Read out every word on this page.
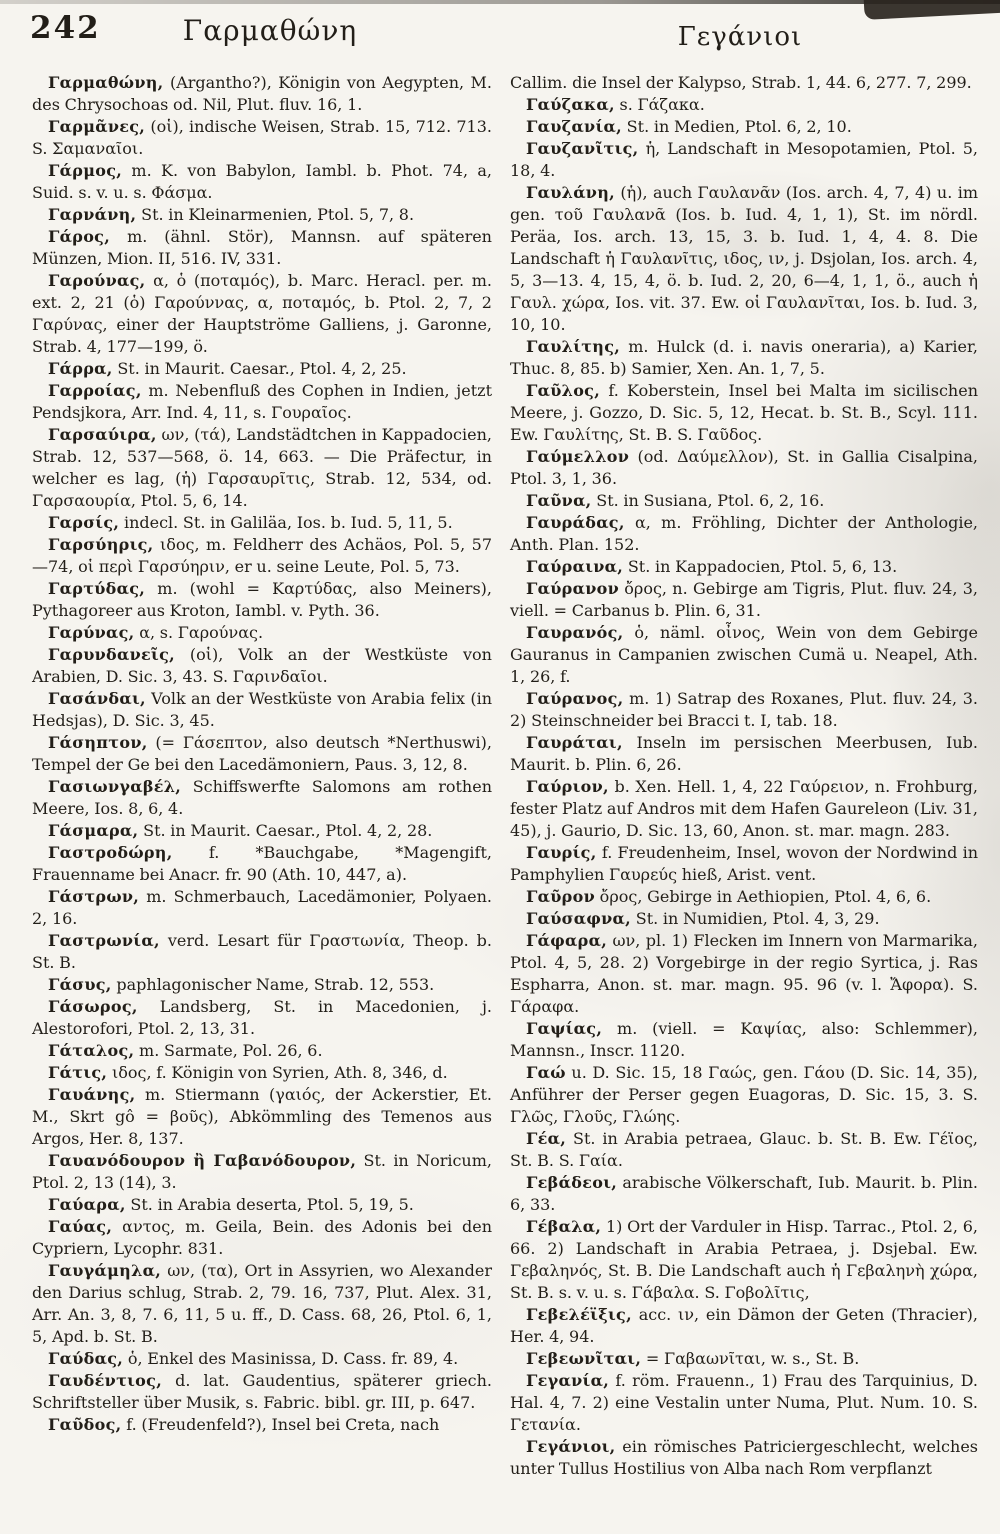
242	Γαρμαθώνη	Γεγάνιοι

Γαρμαθώνη, (Argantho?), Königin von Aegypten, M. des Chrysochoas od. Nil, Plut. fluv. 16, 1.

Γαρμᾶνες, (οἱ), indische Weisen, Strab. 15, 712. 713. S. Σαμαναῖοι.

Γάρμος, m. K. von Babylon, Iambl. b. Phot. 74, a, Suid. s. v. u. s. Φάσμα.

Γαρνάνη, St. in Kleinarmenien, Ptol. 5, 7, 8.

Γάρος, m. (ähnl. Stör), Mannsn. auf späteren Münzen, Mion. II, 516. IV, 331.

Γαρούνας, α, ὁ (ποταμός), b. Marc. Heracl. per. m. ext. 2, 21 (ὁ) Γαρούννας, α, ποταμός, b. Ptol. 2, 7, 2 Γαρύνας, einer der Hauptströme Galliens, j. Garonne, Strab. 4, 177—199, ö.

Γάρρα, St. in Maurit. Caesar., Ptol. 4, 2, 25.

Γαρροίας, m. Nebenfluß des Cophen in Indien, jetzt Pendsjkora, Arr. Ind. 4, 11, s. Γουραῖος.

Γαρσαύιρα, ων, (τά), Landstädtchen in Kappadocien, Strab. 12, 537—568, ö. 14, 663. — Die Präfectur, in welcher es lag, (ἡ) Γαρσαυρῖτις, Strab. 12, 534, od. Γαρσαουρία, Ptol. 5, 6, 14.

Γαρσίς, indecl. St. in Galiläa, Ios. b. Iud. 5, 11, 5.

Γαρσύηρις, ιδος, m. Feldherr des Achäos, Pol. 5, 57—74, οἱ περὶ Γαρσύηριν, er u. seine Leute, Pol. 5, 73.

Γαρτύδας, m. (wohl = Καρτύδας, also Meiners), Pythagoreer aus Kroton, Iambl. v. Pyth. 36.

Γαρύνας, α, s. Γαρούνας.

Γαρυνδανεῖς, (οἱ), Volk an der Westküste von Arabien, D. Sic. 3, 43. S. Γαρινδαῖοι.

Γασάνδαι, Volk an der Westküste von Arabia felix (in Hedsjas), D. Sic. 3, 45.

Γάσηπτον, (= Γάσεπτον, also deutsch *Nerthuswi), Tempel der Ge bei den Lacedämoniern, Paus. 3, 12, 8.

Γασιωνγαβέλ, Schiffswerfte Salomons am rothen Meere, Ios. 8, 6, 4.

Γάσμαρα, St. in Maurit. Caesar., Ptol. 4, 2, 28.

Γαστροδώρη, f. *Bauchgabe, *Magengift, Frauenname bei Anacr. fr. 90 (Ath. 10, 447, a).

Γάστρων, m. Schmerbauch, Lacedämonier, Polyaen. 2, 16.

Γαστρωνία, verd. Lesart für Γραστωνία, Theop. b. St. B.

Γάσυς, paphlagonischer Name, Strab. 12, 553.

Γάσωρος, Landsberg, St. in Macedonien, j. Alestorofori, Ptol. 2, 13, 31.

Γάταλος, m. Sarmate, Pol. 26, 6.

Γάτις, ιδος, f. Königin von Syrien, Ath. 8, 346, d.

Γαυάνης, m. Stiermann (γαιός, der Ackerstier, Et. M., Skrt gô = βοῦς), Abkömmling des Temenos aus Argos, Her. 8, 137.

Γαυανόδουρον ἢ Γαβανόδουρον, St. in Noricum, Ptol. 2, 13 (14), 3.

Γαύαρα, St. in Arabia deserta, Ptol. 5, 19, 5.

Γαύας, αντος, m. Geila, Bein. des Adonis bei den Cypriern, Lycophr. 831.

Γαυγάμηλα, ων, (τα), Ort in Assyrien, wo Alexander den Darius schlug, Strab. 2, 79. 16, 737, Plut. Alex. 31, Arr. An. 3, 8, 7. 6, 11, 5 u. ff., D. Cass. 68, 26, Ptol. 6, 1, 5, Apd. b. St. B.

Γαύδας, ὁ, Enkel des Masinissa, D. Cass. fr. 89, 4.

Γαυδέντιος, d. lat. Gaudentius, späterer griech. Schriftsteller über Musik, s. Fabric. bibl. gr. III, p. 647.

Γαῦδος, f. (Freudenfeld?), Insel bei Creta, nach

Callim. die Insel der Kalypso, Strab. 1, 44. 6, 277. 7, 299.

Γαύζακα, s. Γάζακα.

Γαυζανία, St. in Medien, Ptol. 6, 2, 10.

Γαυζανῖτις, ἡ, Landschaft in Mesopotamien, Ptol. 5, 18, 4.

Γαυλάνη, (ἡ), auch Γαυλανᾶν (Ios. arch. 4, 7, 4) u. im gen. τοῦ Γαυλανᾶ (Ios. b. Iud. 4, 1, 1), St. im nördl. Peräa, Ios. arch. 13, 15, 3. b. Iud. 1, 4, 4. 8. Die Landschaft ἡ Γαυλανῖτις, ιδος, ιν, j. Dsjolan, Ios. arch. 4, 5, 3—13. 4, 15, 4, ö. b. Iud. 2, 20, 6—4, 1, 1, ö., auch ἡ Γαυλ. χώρα, Ios. vit. 37. Ew. οἱ Γαυλανῖται, Ios. b. Iud. 3, 10, 10.

Γαυλίτης, m. Hulck (d. i. navis oneraria), a) Karier, Thuc. 8, 85. b) Samier, Xen. An. 1, 7, 5.

Γαῦλος, f. Koberstein, Insel bei Malta im sicilischen Meere, j. Gozzo, D. Sic. 5, 12, Hecat. b. St. B., Scyl. 111. Ew. Γαυλίτης, St. B. S. Γαῦδος.

Γαύμελλον (od. Δαύμελλον), St. in Gallia Cisalpina, Ptol. 3, 1, 36.

Γαῦνα, St. in Susiana, Ptol. 6, 2, 16.

Γαυράδας, α, m. Fröhling, Dichter der Anthologie, Anth. Plan. 152.

Γαύραινα, St. in Kappadocien, Ptol. 5, 6, 13.

Γαύρανον ὄρος, n. Gebirge am Tigris, Plut. fluv. 24, 3, viell. = Carbanus b. Plin. 6, 31.

Γαυρανός, ὁ, näml. οἶνος, Wein von dem Gebirge Gauranus in Campanien zwischen Cumä u. Neapel, Ath. 1, 26, f.

Γαύρανος, m. 1) Satrap des Roxanes, Plut. fluv. 24, 3. 2) Steinschneider bei Bracci t. I, tab. 18.

Γαυράται, Inseln im persischen Meerbusen, Iub. Maurit. b. Plin. 6, 26.

Γαύριον, b. Xen. Hell. 1, 4, 22 Γαύρειον, n. Frohburg, fester Platz auf Andros mit dem Hafen Gaureleon (Liv. 31, 45), j. Gaurio, D. Sic. 13, 60, Anon. st. mar. magn. 283.

Γαυρίς, f. Freudenheim, Insel, wovon der Nordwind in Pamphylien Γαυρεύς hieß, Arist. vent.

Γαῦρον ὄρος, Gebirge in Aethiopien, Ptol. 4, 6, 6.

Γαύσαφνα, St. in Numidien, Ptol. 4, 3, 29.

Γάφαρα, ων, pl. 1) Flecken im Innern von Marmarika, Ptol. 4, 5, 28. 2) Vorgebirge in der regio Syrtica, j. Ras Espharra, Anon. st. mar. magn. 95. 96 (v. l. Ἄφορα). S. Γάραφα.

Γαψίας, m. (viell. = Καψίας, also: Schlemmer), Mannsn., Inscr. 1120.

Γαώ u. D. Sic. 15, 18 Γαώς, gen. Γάου (D. Sic. 14, 35), Anführer der Perser gegen Euagoras, D. Sic. 15, 3. S. Γλῶς, Γλοῦς, Γλώης.

Γέα, St. in Arabia petraea, Glauc. b. St. B. Ew. Γέϊος, St. B. S. Γαία.

Γεβάδεοι, arabische Völkerschaft, Iub. Maurit. b. Plin. 6, 33.

Γέβαλα, 1) Ort der Varduler in Hisp. Tarrac., Ptol. 2, 6, 66. 2) Landschaft in Arabia Petraea, j. Dsjebal. Ew. Γεβαληνός, St. B. Die Landschaft auch ἡ Γεβαληνὴ χώρα, St. B. s. v. u. s. Γάβαλα. S. Γοβολῖτις,

Γεβελέϊξις, acc. ιν, ein Dämon der Geten (Thracier), Her. 4, 94.

Γεβεωνῖται, = Γαβαωνῖται, w. s., St. B.

Γεγανία, f. röm. Frauenn., 1) Frau des Tarquinius, D. Hal. 4, 7. 2) eine Vestalin unter Numa, Plut. Num. 10. S. Γετανία.

Γεγάνιοι, ein römisches Patriciergeschlecht, welches unter Tullus Hostilius von Alba nach Rom verpflanzt
